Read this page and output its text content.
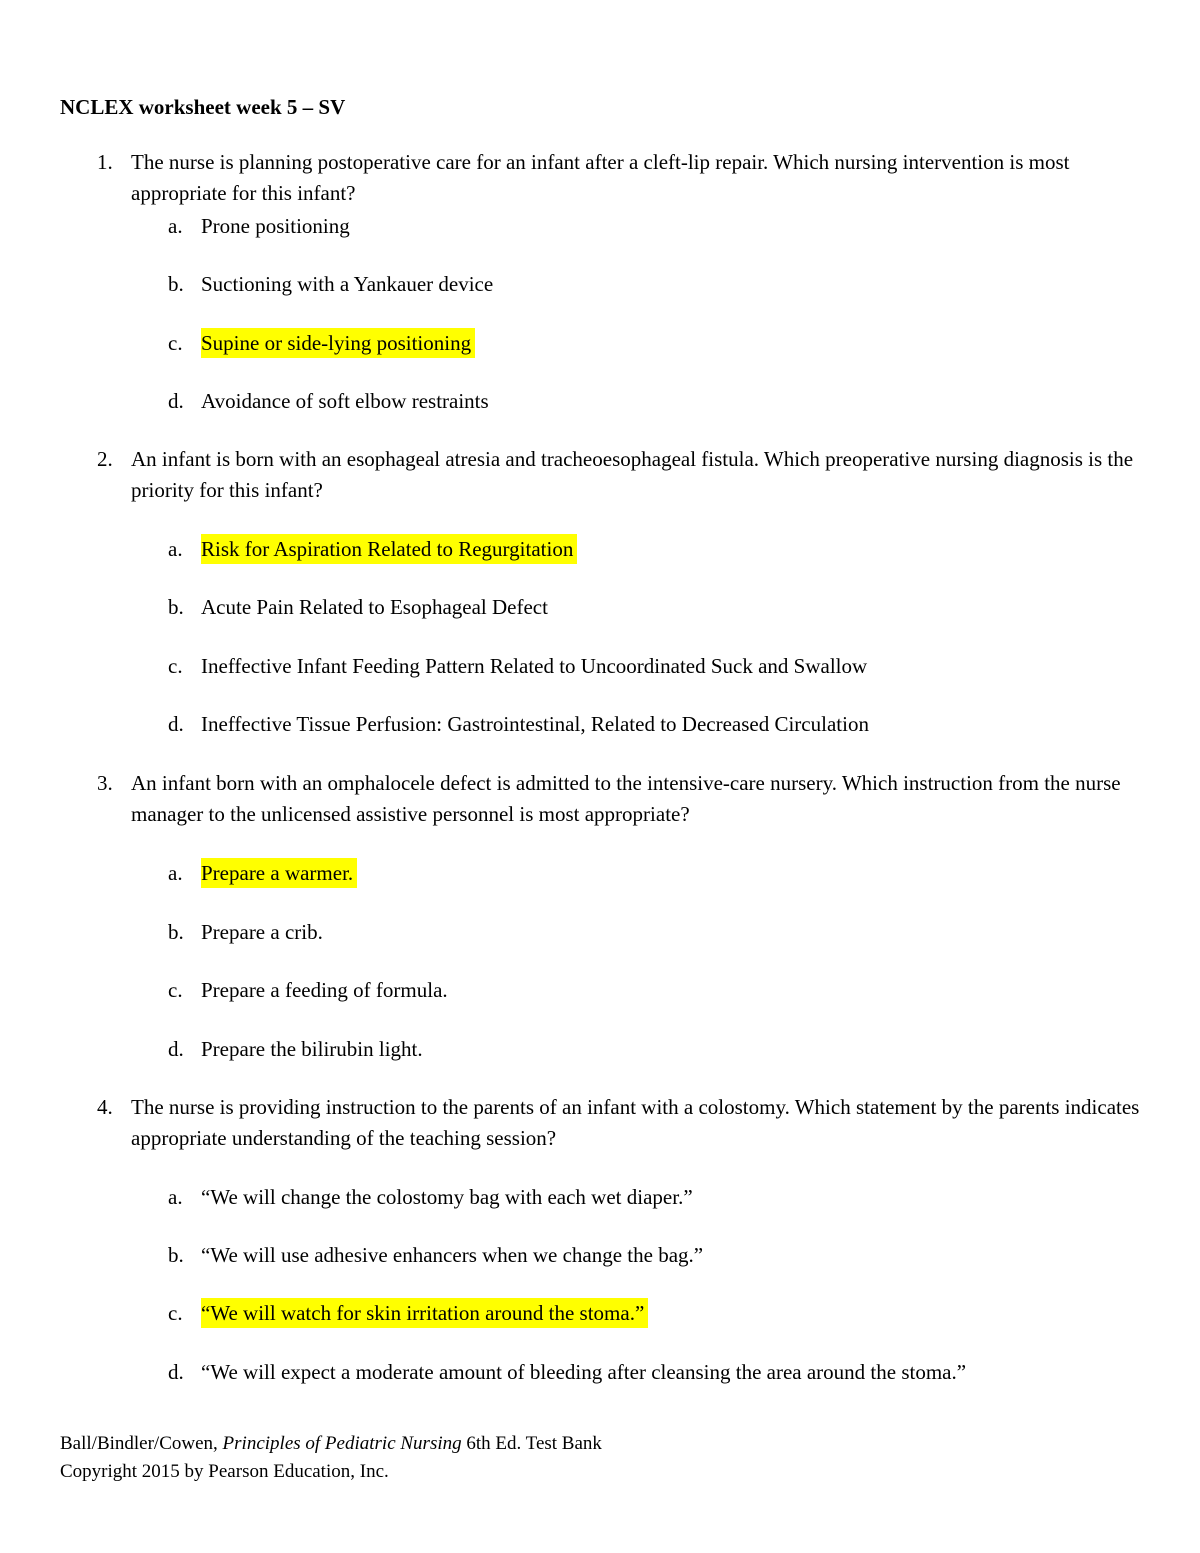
NCLEX worksheet week 5 – SV
1. The nurse is planning postoperative care for an infant after a cleft-lip repair. Which nursing intervention is most appropriate for this infant?
a. Prone positioning
b. Suctioning with a Yankauer device
c. Supine or side-lying positioning
d. Avoidance of soft elbow restraints
2. An infant is born with an esophageal atresia and tracheoesophageal fistula. Which preoperative nursing diagnosis is the priority for this infant?
a. Risk for Aspiration Related to Regurgitation
b. Acute Pain Related to Esophageal Defect
c. Ineffective Infant Feeding Pattern Related to Uncoordinated Suck and Swallow
d. Ineffective Tissue Perfusion: Gastrointestinal, Related to Decreased Circulation
3. An infant born with an omphalocele defect is admitted to the intensive-care nursery. Which instruction from the nurse manager to the unlicensed assistive personnel is most appropriate?
a. Prepare a warmer.
b. Prepare a crib.
c. Prepare a feeding of formula.
d. Prepare the bilirubin light.
4. The nurse is providing instruction to the parents of an infant with a colostomy. Which statement by the parents indicates appropriate understanding of the teaching session?
a. “We will change the colostomy bag with each wet diaper.”
b. “We will use adhesive enhancers when we change the bag.”
c. “We will watch for skin irritation around the stoma.”
d. “We will expect a moderate amount of bleeding after cleansing the area around the stoma.”
Ball/Bindler/Cowen, Principles of Pediatric Nursing 6th Ed. Test Bank
Copyright 2015 by Pearson Education, Inc.
